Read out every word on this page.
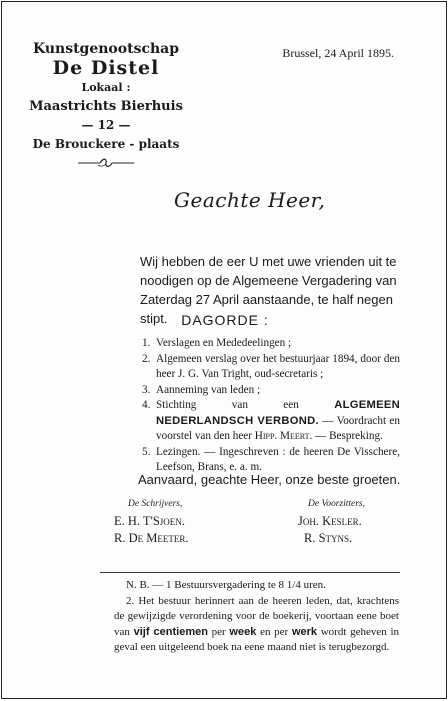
Kunstgenootschap
De Distel
Lokaal :
Maastrichts Bierhuis
— 12 —
De Brouckere - plaats
Brussel, 24 April 1895.
Geachte Heer,

Wij hebben de eer U met uwe vrienden uit te noodigen op de Algemeene Vergadering van Zaterdag 27 April aanstaande, te half negen stipt. DAGORDE :
1. Verslagen en Mededeelingen ;
2. Algemeen verslag over het bestuurjaar 1894, door den heer J. G. Van Tright, oud-secretaris ;
3. Aanneming van leden ;
4. Stichting van een	ALGEMEEN NEDERLANDSCH VERBOND. — Voordracht en voorstel van den heer Hipp. Meert. — Bespreking.
5. Lezingen. — Ingeschreven : de heeren De Visschere, Leefson, Brans, e. a. m.
Aanvaard, geachte Heer, onze beste groeten.
De Schrijvers,
E. H. T'Sjoen.
R. De Meeter.
De Voorzitters,
Joh. Kesler.
R. Styns.

N. B. — 1 Bestuursvergadering te 8 1/4 uren.

2. Het bestuur herinnert aan de heeren leden, dat, krachtens de gewijzigde verordening voor de boekerij, voortaan eene boet van vijf centiemen per week en per werk wordt geheven in geval een uitgeleend boek na eene maand niet is terugbezorgd.
